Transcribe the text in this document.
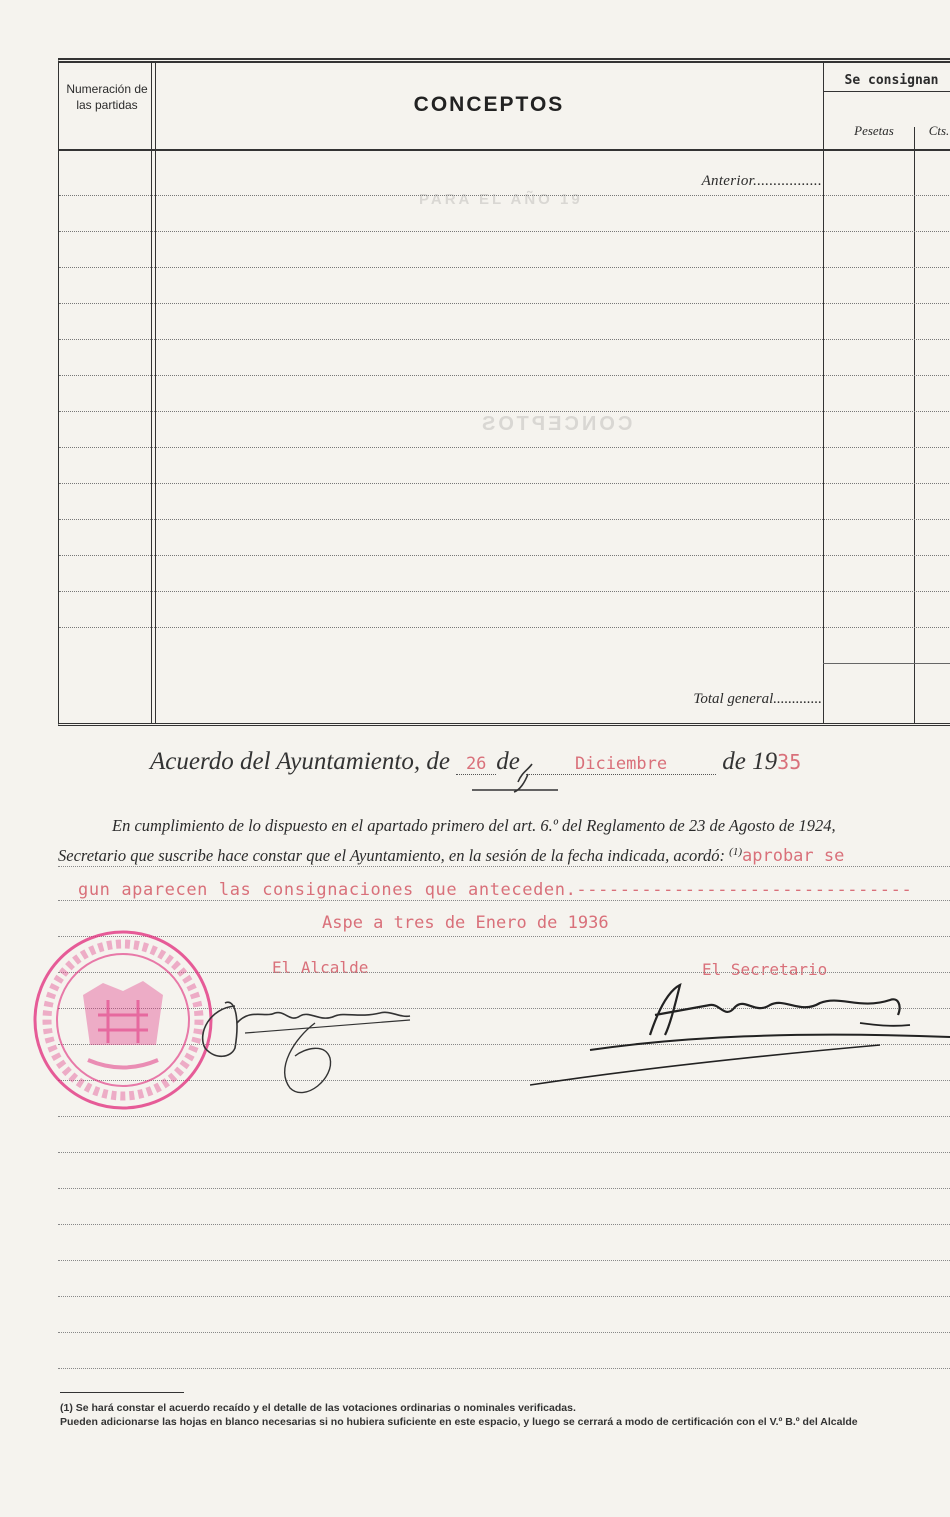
Numeración de las partidas	CONCEPTOS
Se consignan
Pesetas	Cts.
PARA EL AÑO 19
CONCEPTOS
Anterior.................
Total general.............
Acuerdo del Ayuntamiento, de 26 de	Diciembre de 1935
En cumplimiento de lo dispuesto en el apartado primero del art. 6.º del Reglamento de 23 de Agosto de 1924,
Secretario que suscribe hace constar que el Ayuntamiento, en la sesión de la fecha indicada, acordó: $^{(1)}$aprobar se
gun aparecen las consignaciones que anteceden.-------------------------------
Aspe a tres de Enero de 1936
El Alcalde	El Secretario
(1) Se hará constar el acuerdo recaído y el detalle de las votaciones ordinarias o nominales verificadas.
Pueden adicionarse las hojas en blanco necesarias si no hubiera suficiente en este espacio, y luego se cerrará a modo de certificación con el V.º B.º del Alcalde
